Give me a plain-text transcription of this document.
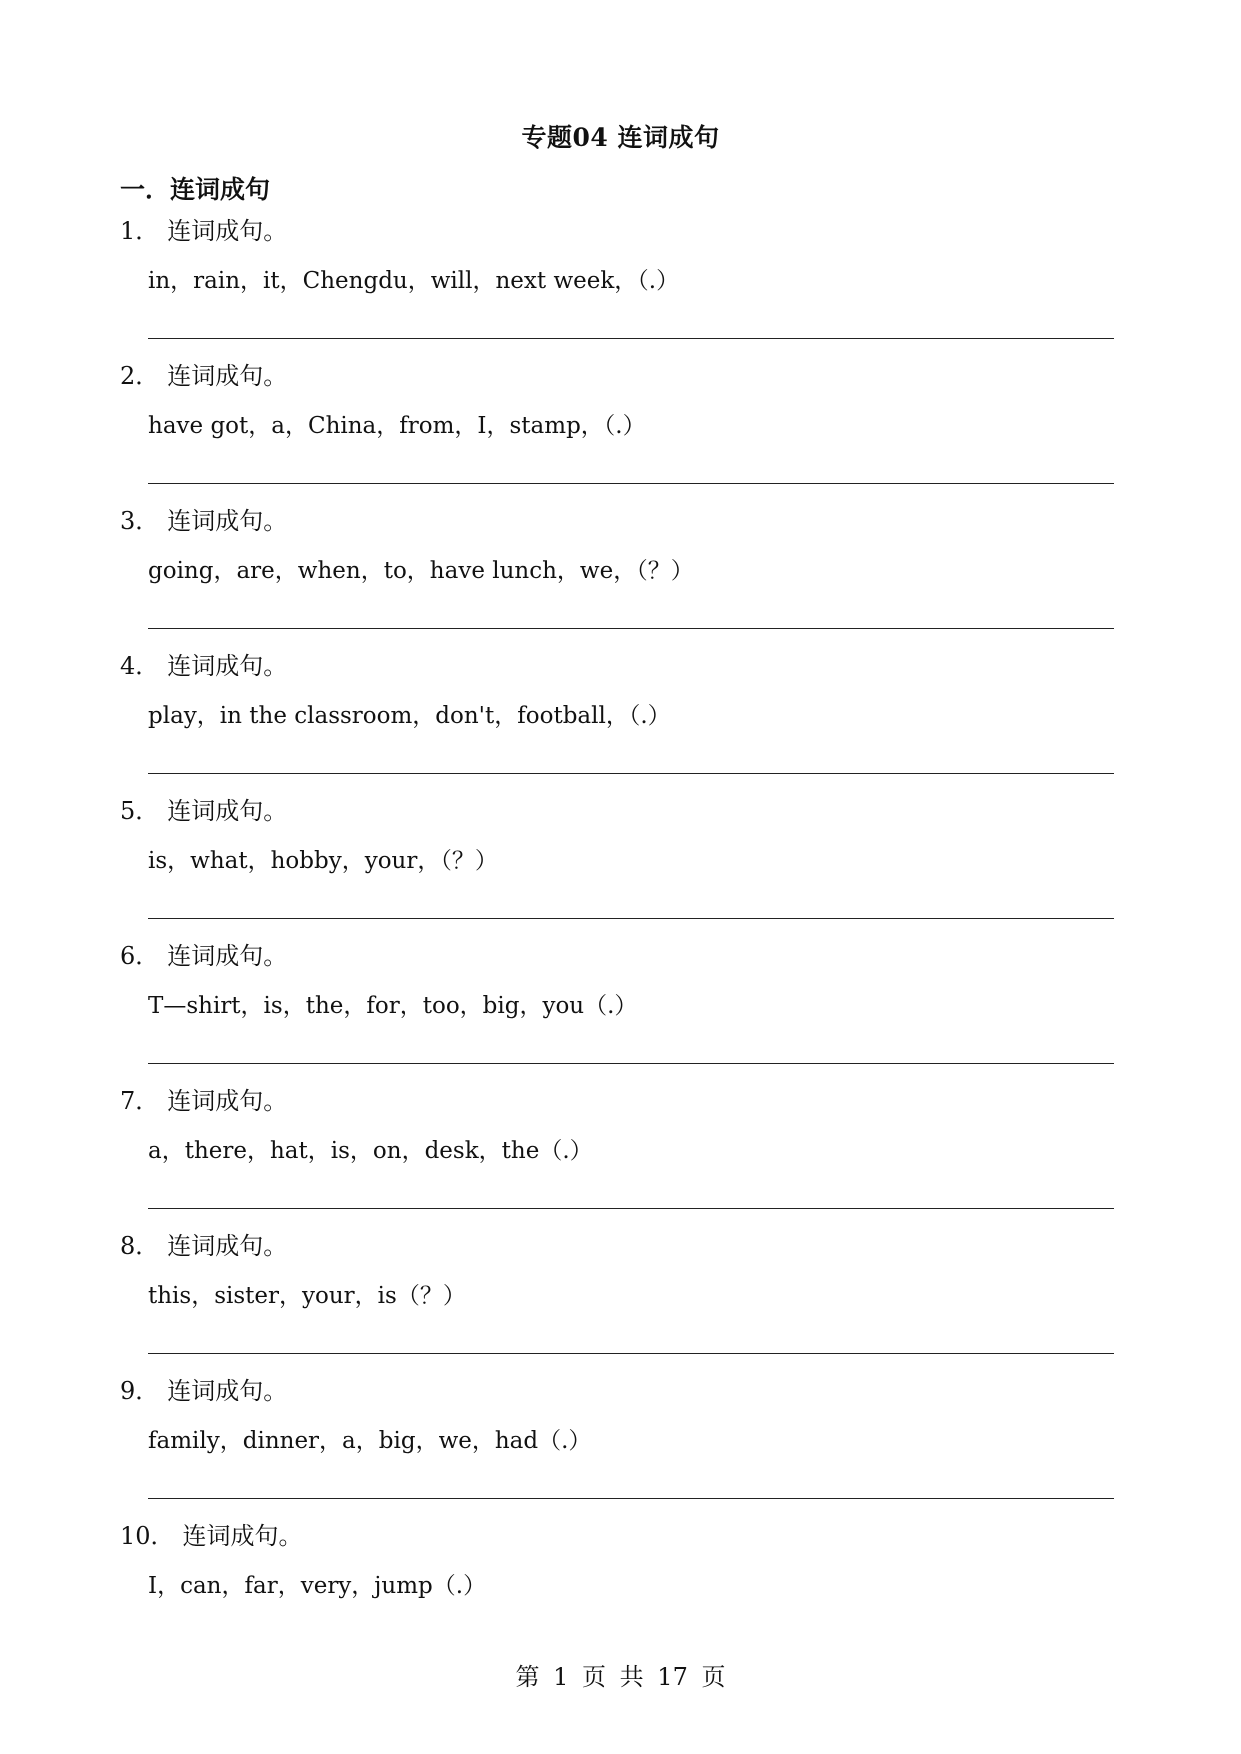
专题04 连词成句
一．连词成句
1． 连词成句。
in，rain，it，Chengdu，will，next week，（.）
2． 连词成句。
have got，a，China，from，I，stamp，（.）
3． 连词成句。
going，are，when，to，have lunch，we，（？）
4． 连词成句。
play，in the classroom，don't，football，（.）
5． 连词成句。
is，what，hobby，your，（？）
6． 连词成句。
T—shirt，is，the，for，too，big，you（.）
7． 连词成句。
a，there，hat，is，on，desk，the（.）
8． 连词成句。
this，sister，your，is（？）
9． 连词成句。
family，dinner，a，big，we，had（.）
10． 连词成句。
I，can，far，very，jump（.）
第 1 页 共 17 页
